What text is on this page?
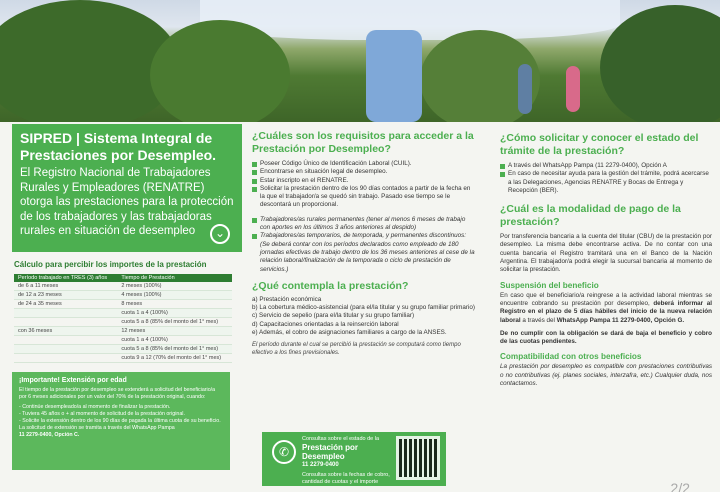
SIPRED | Sistema Integral de Prestaciones por Desempleo.

El Registro Nacional de Trabajadores Rurales y Empleadores (RENATRE) otorga las prestaciones para la protección de los trabajadores y las trabajadoras rurales en situación de desempleo	⌄
Cálculo para percibir los importes de la prestación
Período trabajado en TRES (3) años	Tiempo de Prestación
de 6 a 11 meses	2 meses (100%)
de 12 a 23 meses	4 meses (100%)
de 24 a 35 meses	8 meses
	cuota 1 a 4 (100%)
	cuota 5 a 8 (85% del monto del 1° mes)
con 36 meses	12 meses
	cuota 1 a 4 (100%)
	cuota 5 a 8 (85% del monto del 1° mes)
	cuota 9 a 12 (70% del monto del 1° mes)
¡Importante! Extensión por edad
El tiempo de la prestación por desempleo se extenderá a solicitud del beneficiario/a por 6 meses adicionales por un valor del 70% de la prestación original, cuando:
- Continúe desempleado/a al momento de finalizar la prestación.
- Tuviera 45 años o + al momento de solicitud de la prestación original.
- Solicite la extensión dentro de los 90 días de pagada la última cuota de su beneficio.
La solicitud de extensión se tramita a través del WhatsApp Pampa
11 2279-0400, Opción C.
¿Cuáles son los requisitos para acceder a la Prestación por Desempleo?
Poseer Código Único de Identificación Laboral (CUIL).
Encontrarse en situación legal de desempleo.
Estar inscripto en el RENATRE.
Solicitar la prestación dentro de los 90 días contados a partir de la fecha en la que el trabajador/a se quedó sin trabajo. Pasado ese tiempo se le descontará un proporcional.
Trabajadores/as rurales permanentes (tener al menos 6 meses de trabajo con aportes en los últimos 3 años anteriores al despido)
Trabajadores/as temporarios, de temporada, y permanentes discontinuos: (Se deberá contar con los períodos declarados como empleado de 180 jornadas efectivas de trabajo dentro de los 36 meses anteriores al cese de la relación laboral/finalización de la temporada o ciclo de prestación de servicios.)
¿Qué contempla la prestación?
a) Prestación económica
b) La cobertura médico-asistencial (para el/la titular y su grupo familiar primario)
c) Servicio de sepelio (para el/la titular y su grupo familiar)
d) Capacitaciones orientadas a la reinserción laboral
e) Además, el cobro de asignaciones familiares a cargo de la ANSES.
El período durante el cual se percibió la prestación se computará como tiempo efectivo a los fines previsionales.
✆
Consultas sobre el estado de la
Prestación por Desempleo
11 2279-0400
Consultas sobre la fechas de cobro, cantidad de cuotas y el importe
¿Cómo solicitar y conocer el estado del trámite de la prestación?
A través del WhatsApp Pampa (11 2279-0400), Opción A
En caso de necesitar ayuda para la gestión del trámite, podrá acercarse a las Delegaciones, Agencias RENATRE y Bocas de Entrega y Recepción (BER).
¿Cuál es la modalidad de pago de la prestación?

Por transferencia bancaria a la cuenta del titular (CBU) de la prestación por desempleo. La misma debe encontrarse activa. De no contar con una cuenta bancaria el Registro tramitará una en el Banco de la Nación Argentina. El trabajador/a podrá elegir la sucursal bancaria al momento de solicitar la prestación.

Suspensión del beneficio

En caso que el beneficiario/a reingrese a la actividad laboral mientras se encuentre cobrando su prestación por desempleo, deberá informar al Registro en el plazo de 5 días hábiles del inicio de la nueva relación laboral a través del WhatsApp Pampa 11 2279-0400, Opción G.

De no cumplir con la obligación se dará de baja el beneficio y cobro de las cuotas pendientes.

Compatibilidad con otros beneficios

La prestación por desempleo es compatible con prestaciones contributivas o no contributivas (ej. planes sociales, interzafra, etc.) Cualquier duda, nos contactamos.

2/2
